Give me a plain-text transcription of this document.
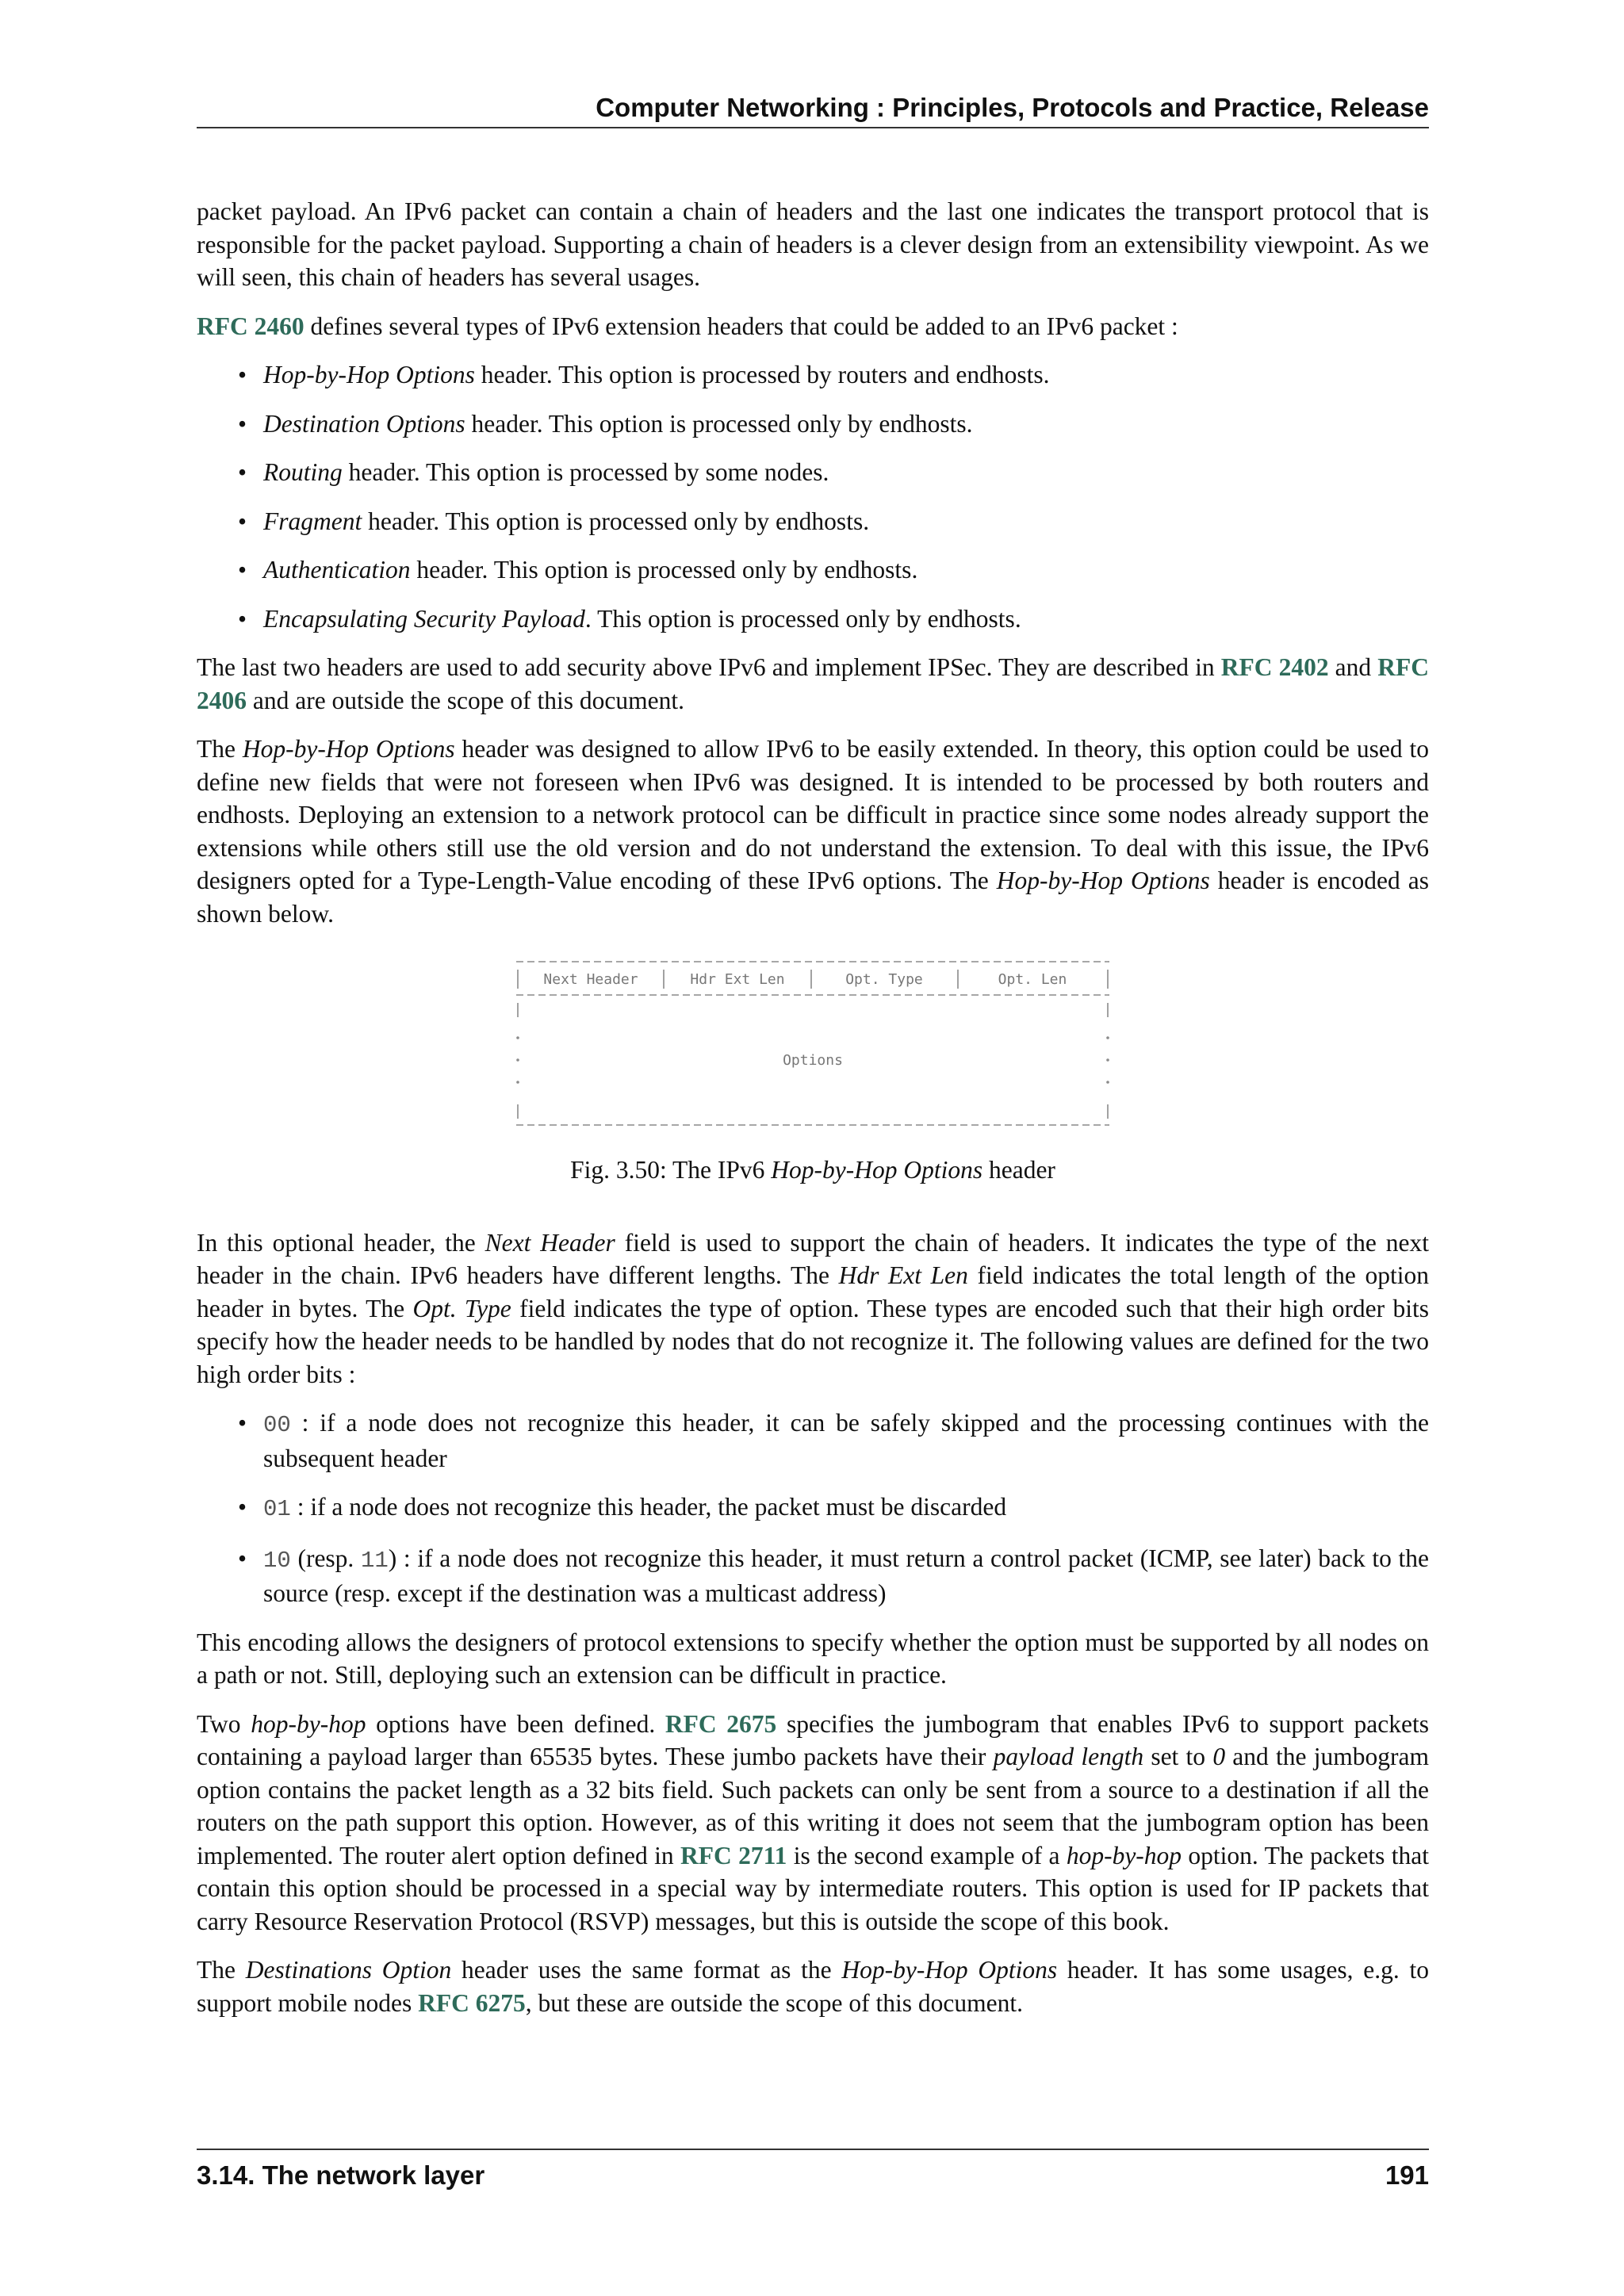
Computer Networking : Principles, Protocols and Practice, Release

packet payload. An IPv6 packet can contain a chain of headers and the last one indicates the transport protocol that is responsible for the packet payload. Supporting a chain of headers is a clever design from an extensibility viewpoint. As we will seen, this chain of headers has several usages.

RFC 2460 defines several types of IPv6 extension headers that could be added to an IPv6 packet :

• Hop-by-Hop Options header. This option is processed by routers and endhosts.
• Destination Options header. This option is processed only by endhosts.
• Routing header. This option is processed by some nodes.
• Fragment header. This option is processed only by endhosts.
• Authentication header. This option is processed only by endhosts.
• Encapsulating Security Payload. This option is processed only by endhosts.

The last two headers are used to add security above IPv6 and implement IPSec. They are described in RFC 2402 and RFC 2406 and are outside the scope of this document.

The Hop-by-Hop Options header was designed to allow IPv6 to be easily extended. In theory, this option could be used to define new fields that were not foreseen when IPv6 was designed. It is intended to be processed by both routers and endhosts. Deploying an extension to a network protocol can be difficult in practice since some nodes already support the extensions while others still use the old version and do not understand the extension. To deal with this issue, the IPv6 designers opted for a Type-Length-Value encoding of these IPv6 options. The Hop-by-Hop Options header is encoded as shown below.

Next Header	Hdr Ext Len	Opt. Type	Opt. Len
Options
Fig. 3.50: The IPv6 Hop-by-Hop Options header

In this optional header, the Next Header field is used to support the chain of headers. It indicates the type of the next header in the chain. IPv6 headers have different lengths. The Hdr Ext Len field indicates the total length of the option header in bytes. The Opt. Type field indicates the type of option. These types are encoded such that their high order bits specify how the header needs to be handled by nodes that do not recognize it. The following values are defined for the two high order bits :

• 00 : if a node does not recognize this header, it can be safely skipped and the processing continues with the subsequent header
• 01 : if a node does not recognize this header, the packet must be discarded
• 10 (resp. 11) : if a node does not recognize this header, it must return a control packet (ICMP, see later) back to the source (resp. except if the destination was a multicast address)

This encoding allows the designers of protocol extensions to specify whether the option must be supported by all nodes on a path or not. Still, deploying such an extension can be difficult in practice.

Two hop-by-hop options have been defined. RFC 2675 specifies the jumbogram that enables IPv6 to support packets containing a payload larger than 65535 bytes. These jumbo packets have their payload length set to 0 and the jumbogram option contains the packet length as a 32 bits field. Such packets can only be sent from a source to a destination if all the routers on the path support this option. However, as of this writing it does not seem that the jumbogram option has been implemented. The router alert option defined in RFC 2711 is the second example of a hop-by-hop option. The packets that contain this option should be processed in a special way by intermediate routers. This option is used for IP packets that carry Resource Reservation Protocol (RSVP) messages, but this is outside the scope of this book.

The Destinations Option header uses the same format as the Hop-by-Hop Options header. It has some usages, e.g. to support mobile nodes RFC 6275, but these are outside the scope of this document.

3.14. The network layer	191
